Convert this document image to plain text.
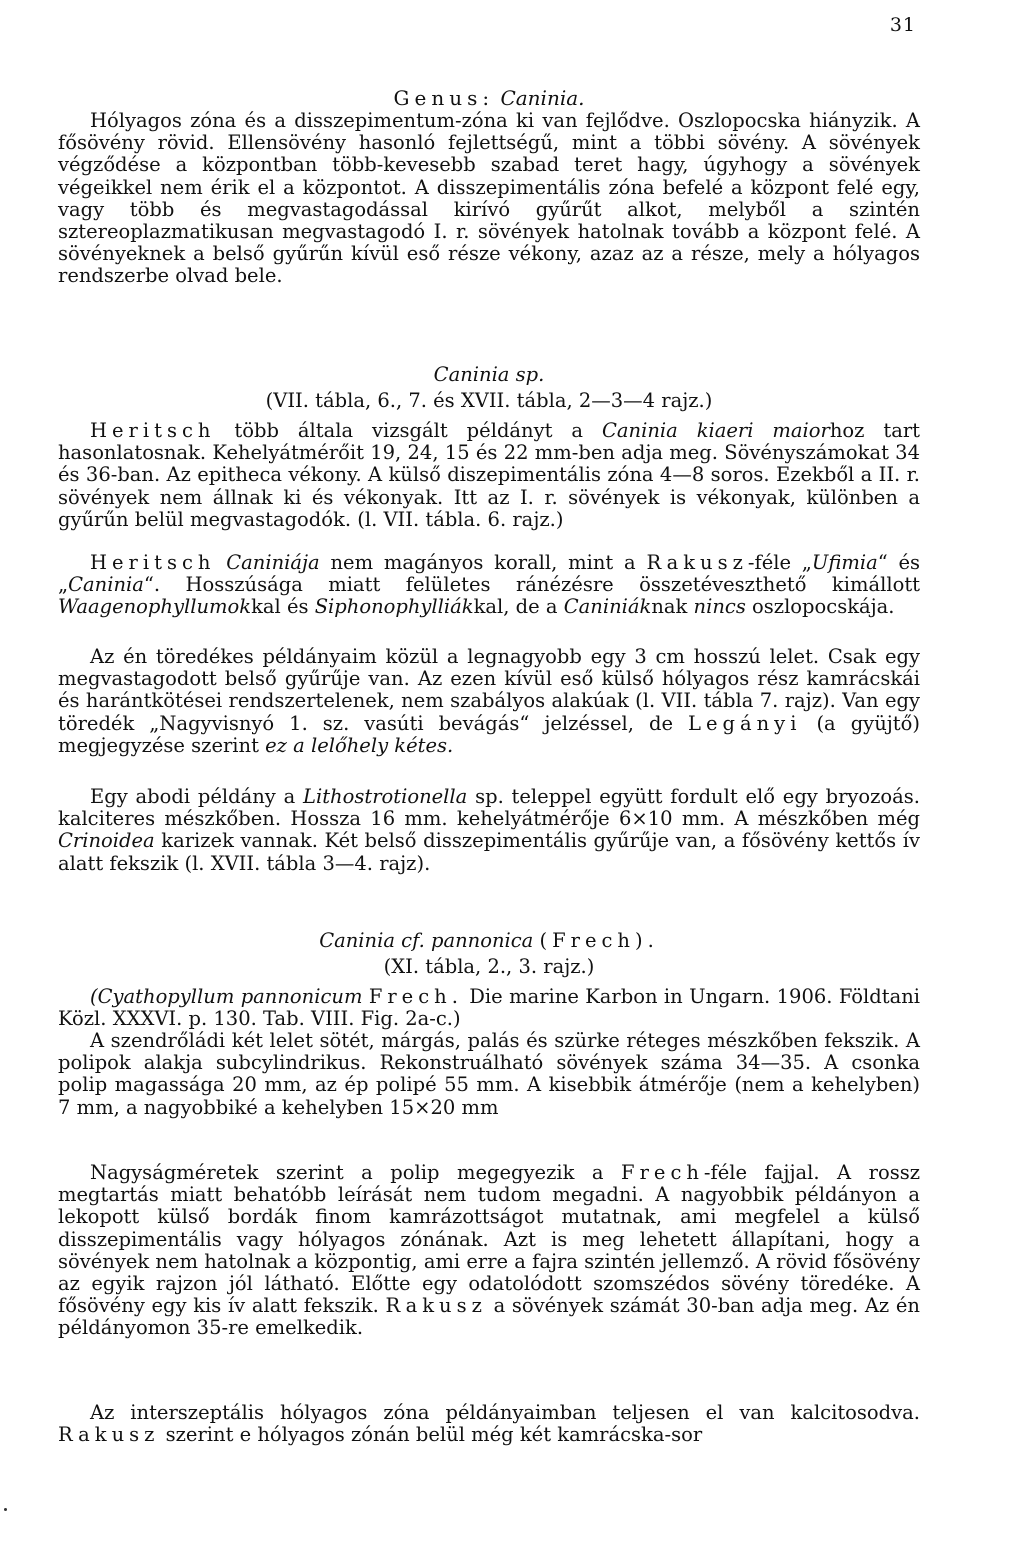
31
Genus: Caninia.

Hólyagos zóna és a disszepimentum-zóna ki van fejlődve. Oszlopocska hiányzik. A fősövény rövid. Ellensövény hasonló fejlettségű, mint a többi sövény. A sövények végződése a központban több-kevesebb szabad teret hagy, úgyhogy a sövények végeikkel nem érik el a központot. A disszepimentális zóna befelé a központ felé egy, vagy több és megvastagodással kirívó gyűrűt alkot, melyből a szintén sztereoplazmatikusan megvastagodó I. r. sövények hatolnak tovább a központ felé. A sövényeknek a belső gyűrűn kívül eső része vékony, azaz az a része, mely a hólyagos rendszerbe olvad bele.

Caninia sp.
(VII. tábla, 6., 7. és XVII. tábla, 2—3—4 rajz.)

Heritsch több általa vizsgált példányt a Caninia kiaeri maiorhoz tart hasonlatosnak. Kehelyátmérőit 19, 24, 15 és 22 mm-ben adja meg. Sövényszámokat 34 és 36-ban. Az epitheca vékony. A külső diszepimentális zóna 4—8 soros. Ezekből a II. r. sövények nem állnak ki és vékonyak. Itt az I. r. sövények is vékonyak, különben a gyűrűn belül megvastagodók. (l. VII. tábla. 6. rajz.)

Heritsch Caniniája nem magányos korall, mint a Rakusz-féle „Ufimia“ és „Caninia“. Hosszúsága miatt felületes ránézésre összetéveszthető kimállott Waagenophyllumokkal és Siphonophylliákkal, de a Caniniáknak nincs oszlopocskája.

Az én töredékes példányaim közül a legnagyobb egy 3 cm hosszú lelet. Csak egy megvastagodott belső gyűrűje van. Az ezen kívül eső külső hólyagos rész kamrácskái és harántkötései rendszertelenek, nem szabályos alakúak (l. VII. tábla 7. rajz). Van egy töredék „Nagyvisnyó 1. sz. vasúti bevágás“ jelzéssel, de Legányi (a gyüjtő) megjegyzése szerint ez a lelőhely kétes.

Egy abodi példány a Lithostrotionella sp. teleppel együtt fordult elő egy bryozoás. kalciteres mészkőben. Hossza 16 mm. kehelyátmérője 6×10 mm. A mészkőben még Crinoidea karizek vannak. Két belső disszepimentális gyűrűje van, a fősövény kettős ív alatt fekszik (l. XVII. tábla 3—4. rajz).

Caninia cf. pannonica (Frech).
(XI. tábla, 2., 3. rajz.)

(Cyathopyllum pannonicum Frech. Die marine Karbon in Ungarn. 1906. Földtani Közl. XXXVI. p. 130. Tab. VIII. Fig. 2a-c.)

A szendrőládi két lelet sötét, márgás, palás és szürke réteges mészkőben fekszik. A polipok alakja subcylindrikus. Rekonstruálható sövények száma 34—35. A csonka polip magassága 20 mm, az ép polipé 55 mm. A kisebbik átmérője (nem a kehelyben) 7 mm, a nagyobbiké a kehelyben 15×20 mm

Nagyságméretek szerint a polip megegyezik a Frech-féle fajjal. A rossz megtartás miatt behatóbb leírását nem tudom megadni. A nagyobbik példányon a lekopott külső bordák finom kamrázottságot mutatnak, ami megfelel a külső disszepimentális vagy hólyagos zónának. Azt is meg lehetett állapítani, hogy a sövények nem hatolnak a központig, ami erre a fajra szintén jellemző. A rövid fősövény az egyik rajzon jól látható. Előtte egy odatolódott szomszédos sövény töredéke. A fősövény egy kis ív alatt fekszik. Rakusz a sövények számát 30-ban adja meg. Az én példányomon 35-re emelkedik.

Az interszeptális hólyagos zóna példányaimban teljesen el van kalcitosodva. Rakusz szerint e hólyagos zónán belül még két kamrácska-sor
